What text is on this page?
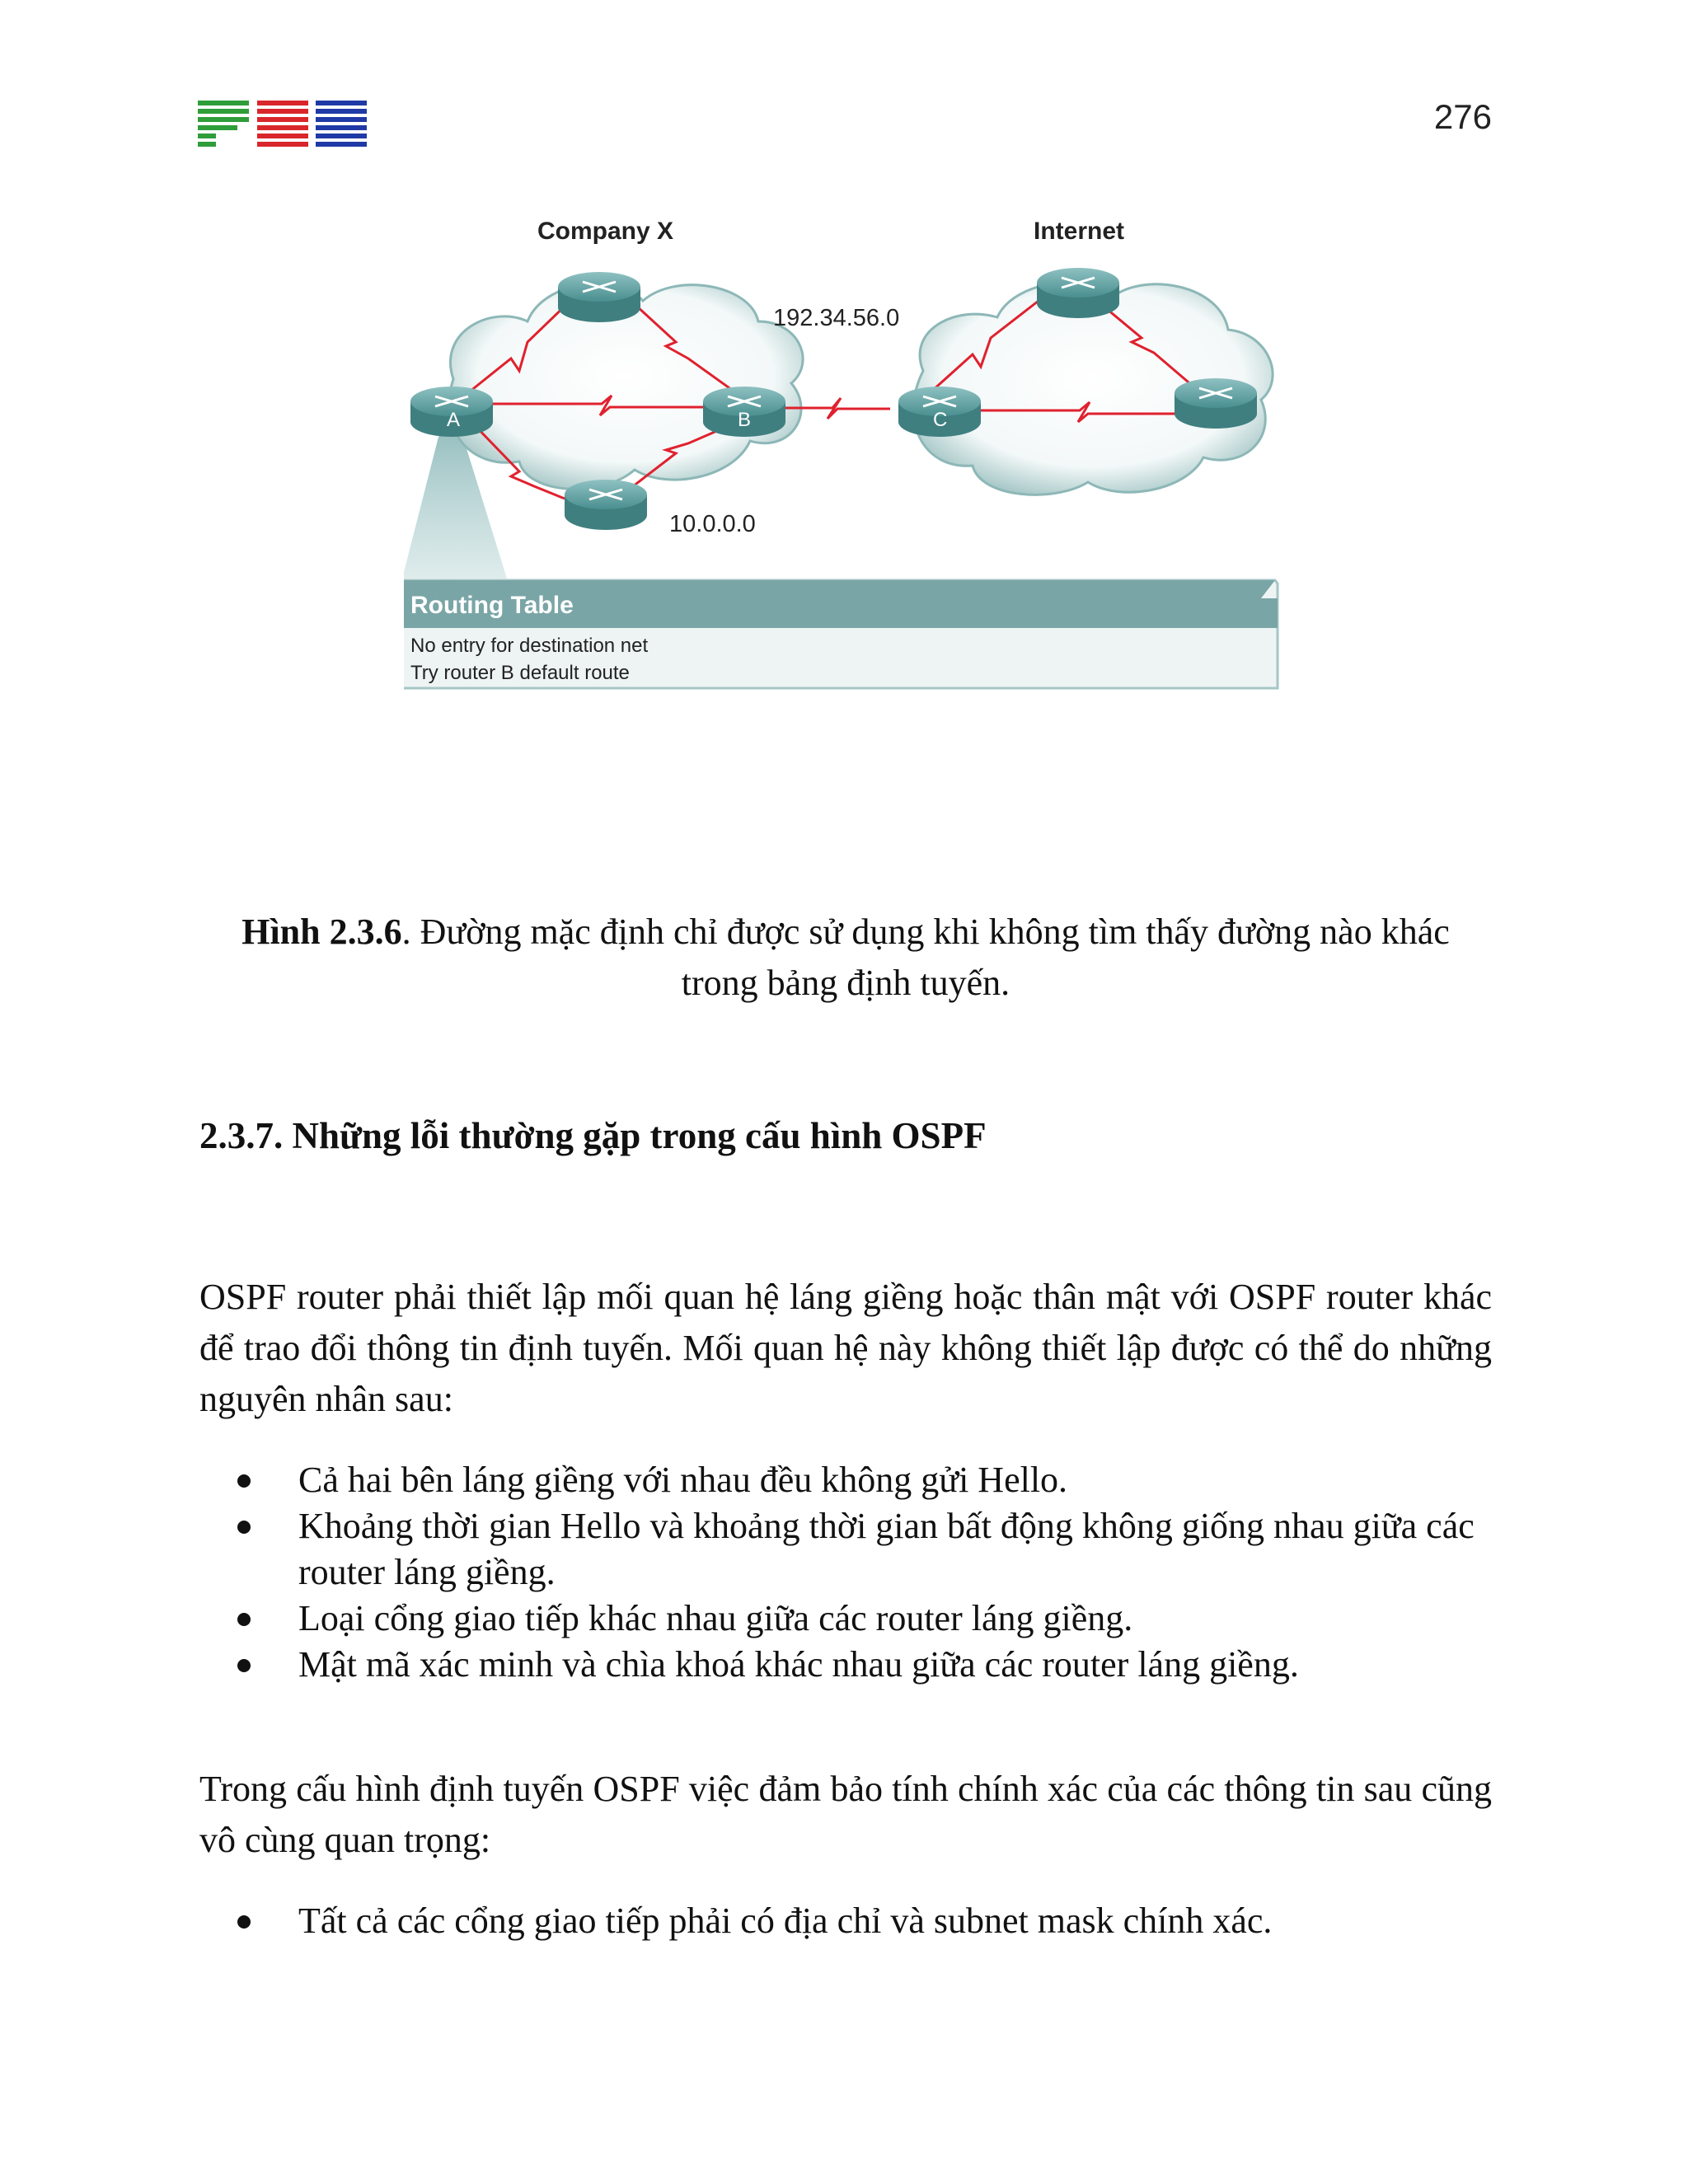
276
A	B	C
Company X	Internet
192.34.56.0
10.0.0.0
Routing Table
No entry for destination net
Try router B default route
Hình 2.3.6. Đường mặc định chỉ được sử dụng khi không tìm thấy đường nào khác trong bảng định tuyến.
2.3.7. Những lỗi thường gặp trong cấu hình OSPF

OSPF router phải thiết lập mối quan hệ láng giềng hoặc thân mật với OSPF router khác để trao đổi thông tin định tuyến. Mối quan hệ này không thiết lập được có thể do những nguyên nhân sau:

Cả hai bên láng giềng với nhau đều không gửi Hello.
Khoảng thời gian Hello và khoảng thời gian bất động không giống nhau giữa các router láng giềng.
Loại cổng giao tiếp khác nhau giữa các router láng giềng.
Mật mã xác minh và chìa khoá khác nhau giữa các router láng giềng.

Trong cấu hình định tuyến OSPF việc đảm bảo tính chính xác của các thông tin sau cũng vô cùng quan trọng:

Tất cả các cổng giao tiếp phải có địa chỉ và subnet mask chính xác.
